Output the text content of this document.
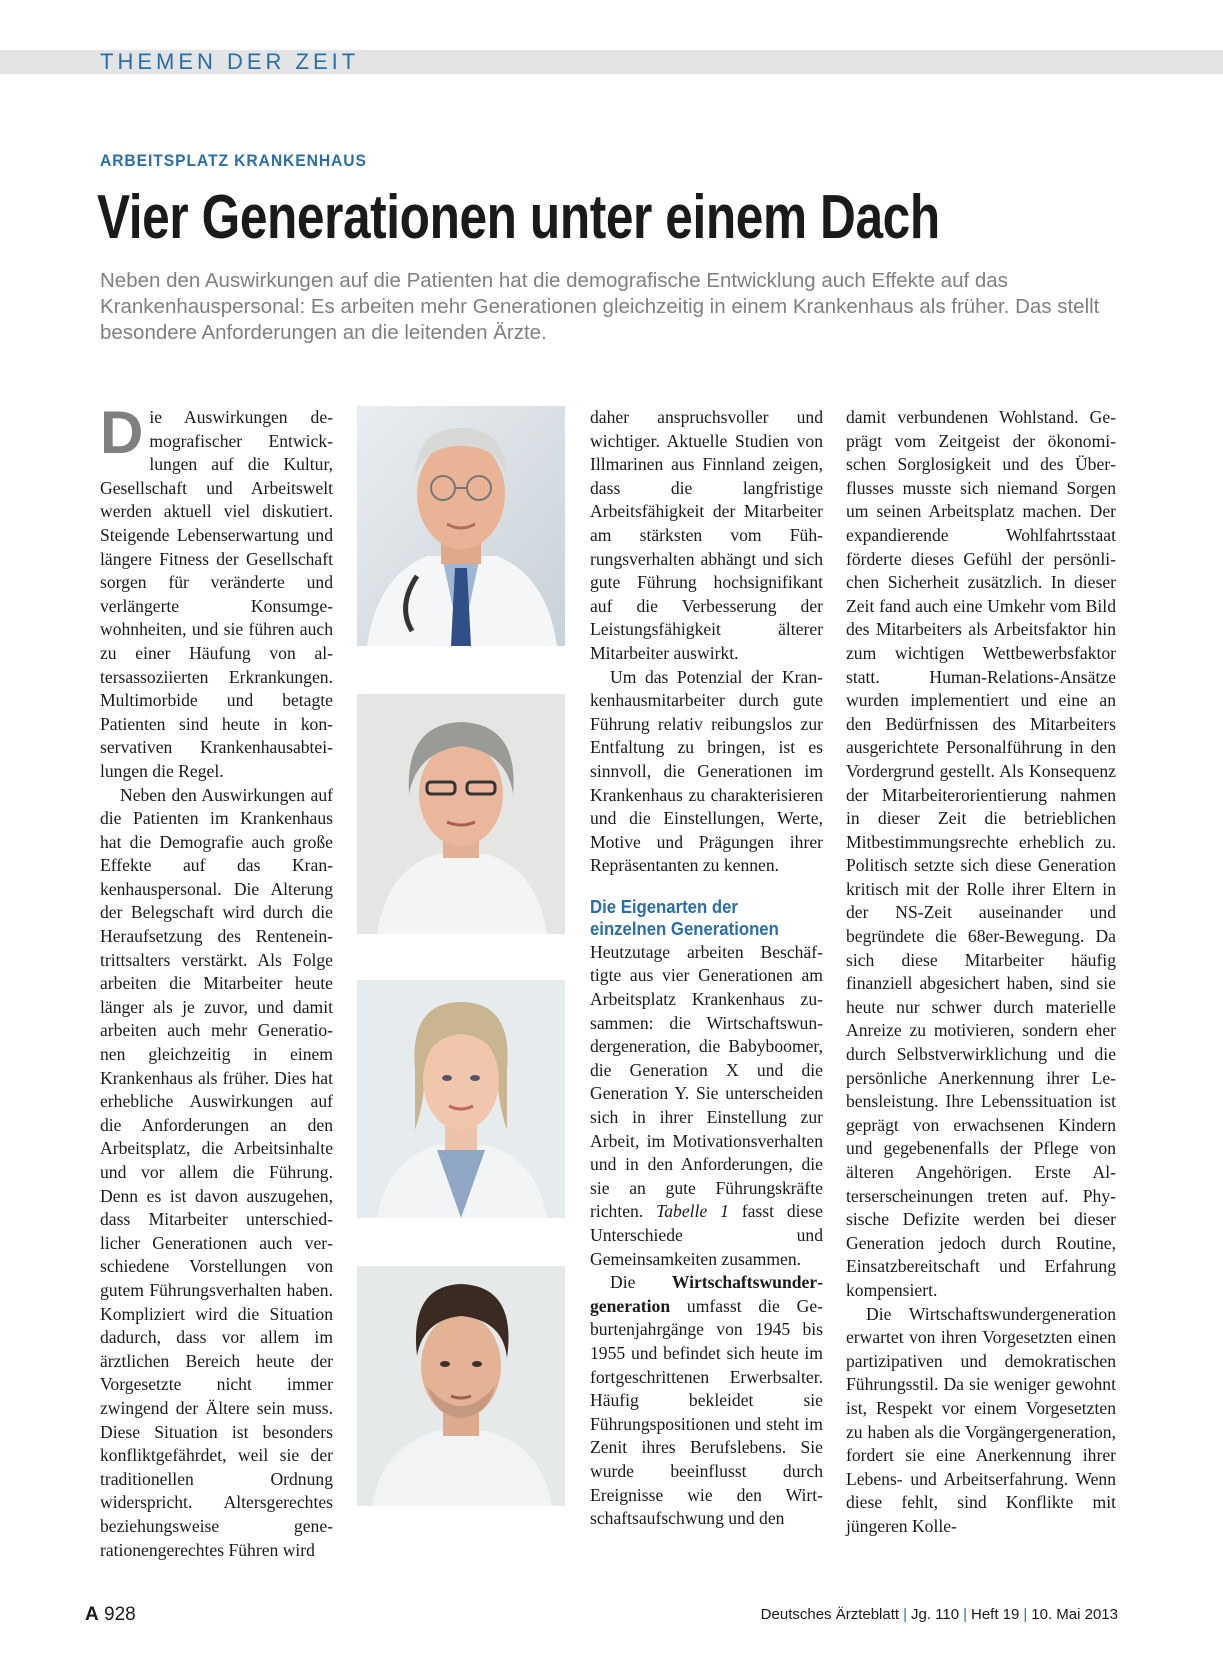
THEMEN DER ZEIT
ARBEITSPLATZ KRANKENHAUS
Vier Generationen unter einem Dach
Neben den Auswirkungen auf die Patienten hat die demografische Entwicklung auch Effekte auf das Krankenhauspersonal: Es arbeiten mehr Generationen gleichzeitig in einem Krankenhaus als früher. Das stellt besondere Anforderungen an die leitenden Ärzte.

Die Auswirkungen demografischer Entwicklungen auf die Kultur, Gesellschaft und Arbeitswelt werden aktuell viel diskutiert. Steigende Lebenserwartung und längere Fitness der Gesellschaft sorgen für veränderte und verlängerte Konsumgewohnheiten, und sie führen auch zu einer Häufung von altersassoziierten Erkrankungen. Multimorbide und betagte Patienten sind heute in konservativen Krankenhausabteilungen die Regel.

Neben den Auswirkungen auf die Patienten im Krankenhaus hat die Demografie auch große Effekte auf das Krankenhauspersonal. Die Alterung der Belegschaft wird durch die Heraufsetzung des Renteneintrittsalters verstärkt. Als Folge arbeiten die Mitarbeiter heute länger als je zuvor, und damit arbeiten auch mehr Generationen gleichzeitig in einem Krankenhaus als früher. Dies hat erhebliche Auswirkungen auf die Anforderungen an den Arbeitsplatz, die Arbeitsinhalte und vor allem die Führung. Denn es ist davon auszugehen, dass Mitarbeiter unterschiedlicher Generationen auch verschiedene Vorstellungen von gutem Führungsverhalten haben. Kompliziert wird die Situation dadurch, dass vor allem im ärztlichen Bereich heute der Vorgesetzte nicht immer zwingend der Ältere sein muss. Diese Situation ist besonders konfliktgefährdet, weil sie der traditionellen Ordnung widerspricht. Altersgerechtes beziehungsweise generationengerechtes Führen wird

daher anspruchsvoller und wichtiger. Aktuelle Studien von Illmarinen aus Finnland zeigen, dass die langfristige Arbeitsfähigkeit der Mitarbeiter am stärksten vom Führungsverhalten abhängt und sich gute Führung hochsignifikant auf die Verbesserung der Leistungsfähigkeit älterer Mitarbeiter auswirkt.

Um das Potenzial der Krankenhausmitarbeiter durch gute Führung relativ reibungslos zur Entfaltung zu bringen, ist es sinnvoll, die Generationen im Krankenhaus zu charakterisieren und die Einstellungen, Werte, Motive und Prägungen ihrer Repräsentanten zu kennen.

Die Eigenarten der
einzelnen Generationen

Heutzutage arbeiten Beschäftigte aus vier Generationen am Arbeitsplatz Krankenhaus zusammen: die Wirtschaftswundergeneration, die Babyboomer, die Generation X und die Generation Y. Sie unterscheiden sich in ihrer Einstellung zur Arbeit, im Motivationsverhalten und in den Anforderungen, die sie an gute Führungskräfte richten. Tabelle 1 fasst diese Unterschiede und Gemeinsamkeiten zusammen.

Die Wirtschaftswundergeneration umfasst die Geburtenjahrgänge von 1945 bis 1955 und befindet sich heute im fortgeschrittenen Erwerbsalter. Häufig bekleidet sie Führungspositionen und steht im Zenit ihres Berufslebens. Sie wurde beeinflusst durch Ereignisse wie den Wirtschaftsaufschwung und den

damit verbundenen Wohlstand. Geprägt vom Zeitgeist der ökonomischen Sorglosigkeit und des Überflusses musste sich niemand Sorgen um seinen Arbeitsplatz machen. Der expandierende Wohlfahrtsstaat förderte dieses Gefühl der persönlichen Sicherheit zusätzlich. In dieser Zeit fand auch eine Umkehr vom Bild des Mitarbeiters als Arbeitsfaktor hin zum wichtigen Wettbewerbsfaktor statt. Human-Relations-Ansätze wurden implementiert und eine an den Bedürfnissen des Mitarbeiters ausgerichtete Personalführung in den Vordergrund gestellt. Als Konsequenz der Mitarbeiterorientierung nahmen in dieser Zeit die betrieblichen Mitbestimmungsrechte erheblich zu. Politisch setzte sich diese Generation kritisch mit der Rolle ihrer Eltern in der NS-Zeit auseinander und begründete die 68er-Bewegung. Da sich diese Mitarbeiter häufig finanziell abgesichert haben, sind sie heute nur schwer durch materielle Anreize zu motivieren, sondern eher durch Selbstverwirklichung und die persönliche Anerkennung ihrer Lebensleistung. Ihre Lebenssituation ist geprägt von erwachsenen Kindern und gegebenenfalls der Pflege von älteren Angehörigen. Erste Alterserscheinungen treten auf. Physische Defizite werden bei dieser Generation jedoch durch Routine, Einsatzbereitschaft und Erfahrung kompensiert.

Die Wirtschaftswundergeneration erwartet von ihren Vorgesetzten einen partizipativen und demokratischen Führungsstil. Da sie weniger gewohnt ist, Respekt vor einem Vorgesetzten zu haben als die Vorgängergeneration, fordert sie eine Anerkennung ihrer Lebens- und Arbeitserfahrung. Wenn diese fehlt, sind Konflikte mit jüngeren Kolle-

A 928	Deutsches Ärzteblatt | Jg. 110 | Heft 19 | 10. Mai 2013
